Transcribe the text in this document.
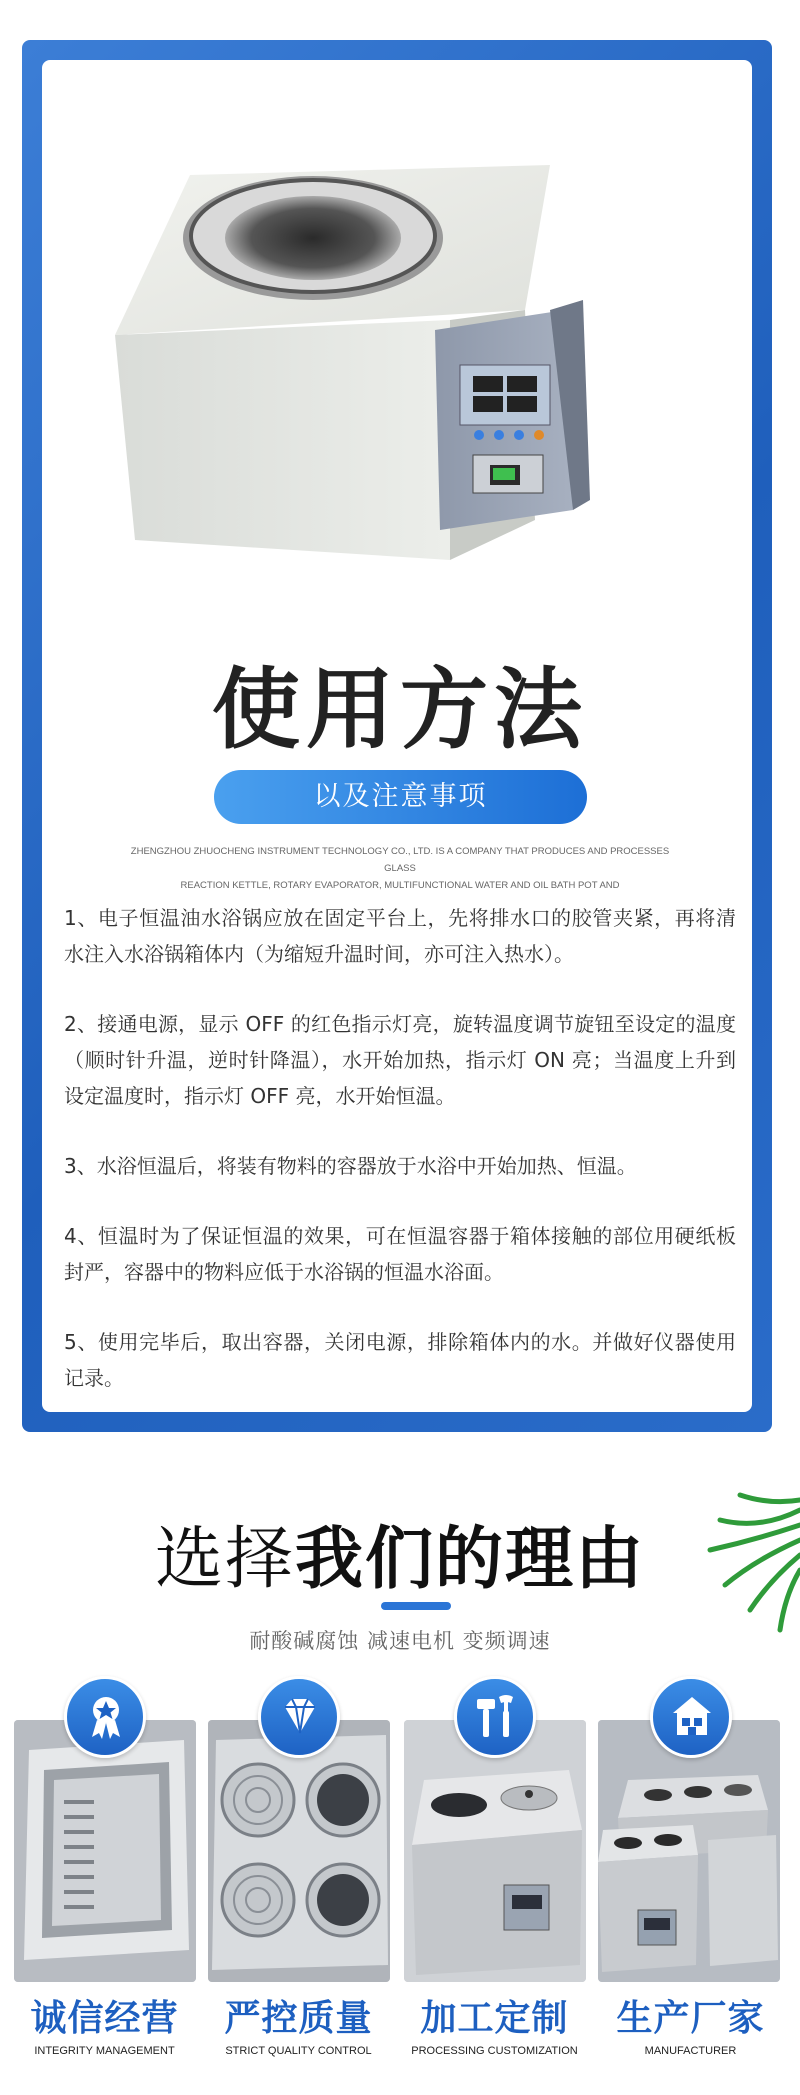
使用方法
以及注意事项
ZHENGZHOU ZHUOCHENG INSTRUMENT TECHNOLOGY CO., LTD. IS A COMPANY THAT PRODUCES AND PROCESSES GLASS
REACTION KETTLE, ROTARY EVAPORATOR, MULTIFUNCTIONAL WATER AND OIL BATH POT AND

1、电子恒温油水浴锅应放在固定平台上，先将排水口的胶管夹紧，再将清水注入水浴锅箱体内（为缩短升温时间，亦可注入热水）。

2、接通电源，显示 OFF 的红色指示灯亮，旋转温度调节旋钮至设定的温度（顺时针升温，逆时针降温），水开始加热，指示灯 ON 亮；当温度上升到设定温度时，指示灯 OFF 亮，水开始恒温。

3、水浴恒温后，将装有物料的容器放于水浴中开始加热、恒温。

4、恒温时为了保证恒温的效果，可在恒温容器于箱体接触的部位用硬纸板封严，容器中的物料应低于水浴锅的恒温水浴面。

5、使用完毕后，取出容器，关闭电源，排除箱体内的水。并做好仪器使用记录。

选择我们的理由
耐酸碱腐蚀 减速电机 变频调速
诚信经营
INTEGRITY MANAGEMENT
严控质量
STRICT QUALITY CONTROL
加工定制
PROCESSING CUSTOMIZATION
生产厂家
MANUFACTURER
